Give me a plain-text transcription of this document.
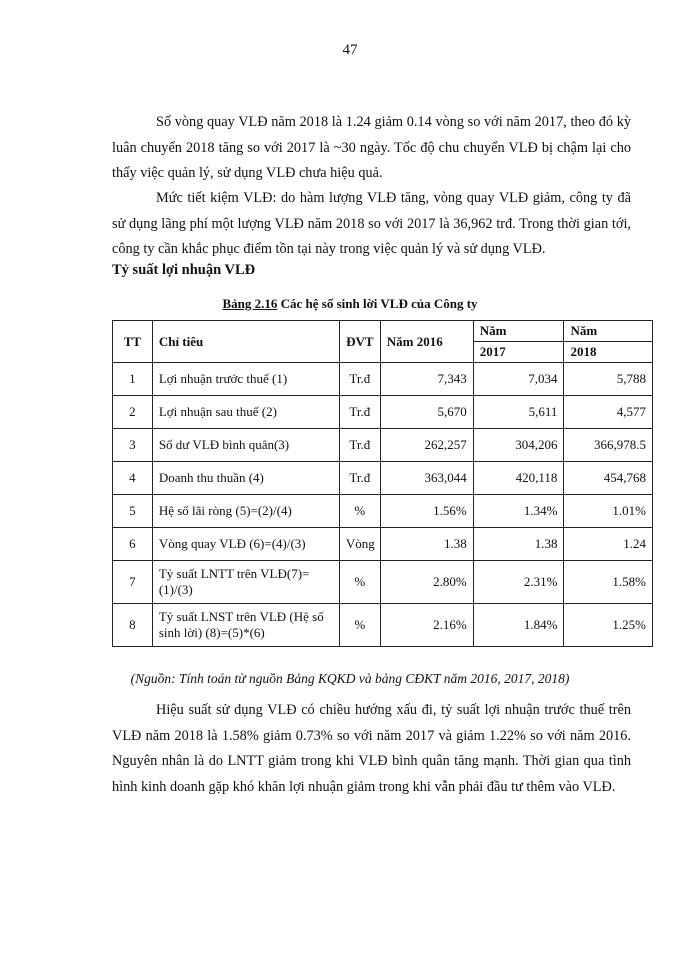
47

Số vòng quay VLĐ năm 2018 là 1.24 giảm 0.14 vòng so với năm 2017, theo đó kỳ luân chuyển 2018 tăng so với 2017 là ~30 ngày. Tốc độ chu chuyển VLĐ bị chậm lại cho thấy việc quản lý, sử dụng VLĐ chưa hiệu quả.

Mức tiết kiệm VLĐ: do hàm lượng VLĐ tăng, vòng quay VLĐ giảm, công ty đã sử dụng lãng phí một lượng VLĐ năm 2018 so với 2017 là 36,962 trđ. Trong thời gian tới, công ty cần khắc phục điểm tồn tại này trong việc quản lý và sử dụng VLĐ.

Tỷ suất lợi nhuận VLĐ

Bảng 2.16 Các hệ số sinh lời VLĐ của Công ty
TT	Chỉ tiêu	ĐVT	Năm 2016	Năm	Năm
				2017	2018
1	Lợi nhuận trước thuế (1)	Tr.đ	7,343	7,034	5,788
2	Lợi nhuận sau thuế (2)	Tr.đ	5,670	5,611	4,577
3	Số dư VLĐ bình quân(3)	Tr.đ	262,257	304,206	366,978.5
4	Doanh thu thuần (4)	Tr.đ	363,044	420,118	454,768
5	Hệ số lãi ròng (5)=(2)/(4)	%	1.56%	1.34%	1.01%
6	Vòng quay VLĐ (6)=(4)/(3)	Vòng	1.38	1.38	1.24
7	Tỷ suất LNTT trên VLĐ(7)=(1)/(3)	%	2.80%	2.31%	1.58%
8	Tỷ suất LNST trên VLĐ (Hệ số sinh lời) (8)=(5)*(6)	%	2.16%	1.84%	1.25%
(Nguồn: Tính toán từ nguồn Bảng KQKD và bảng CĐKT năm 2016, 2017, 2018)

Hiệu suất sử dụng VLĐ có chiều hướng xấu đi, tỷ suất lợi nhuận trước thuế trên VLĐ năm 2018 là 1.58% giảm 0.73% so với năm 2017 và giảm 1.22% so với năm 2016. Nguyên nhân là do LNTT giảm trong khi VLĐ bình quân tăng mạnh. Thời gian qua tình hình kinh doanh gặp khó khăn lợi nhuận giảm trong khi vẫn phải đầu tư thêm vào VLĐ.
